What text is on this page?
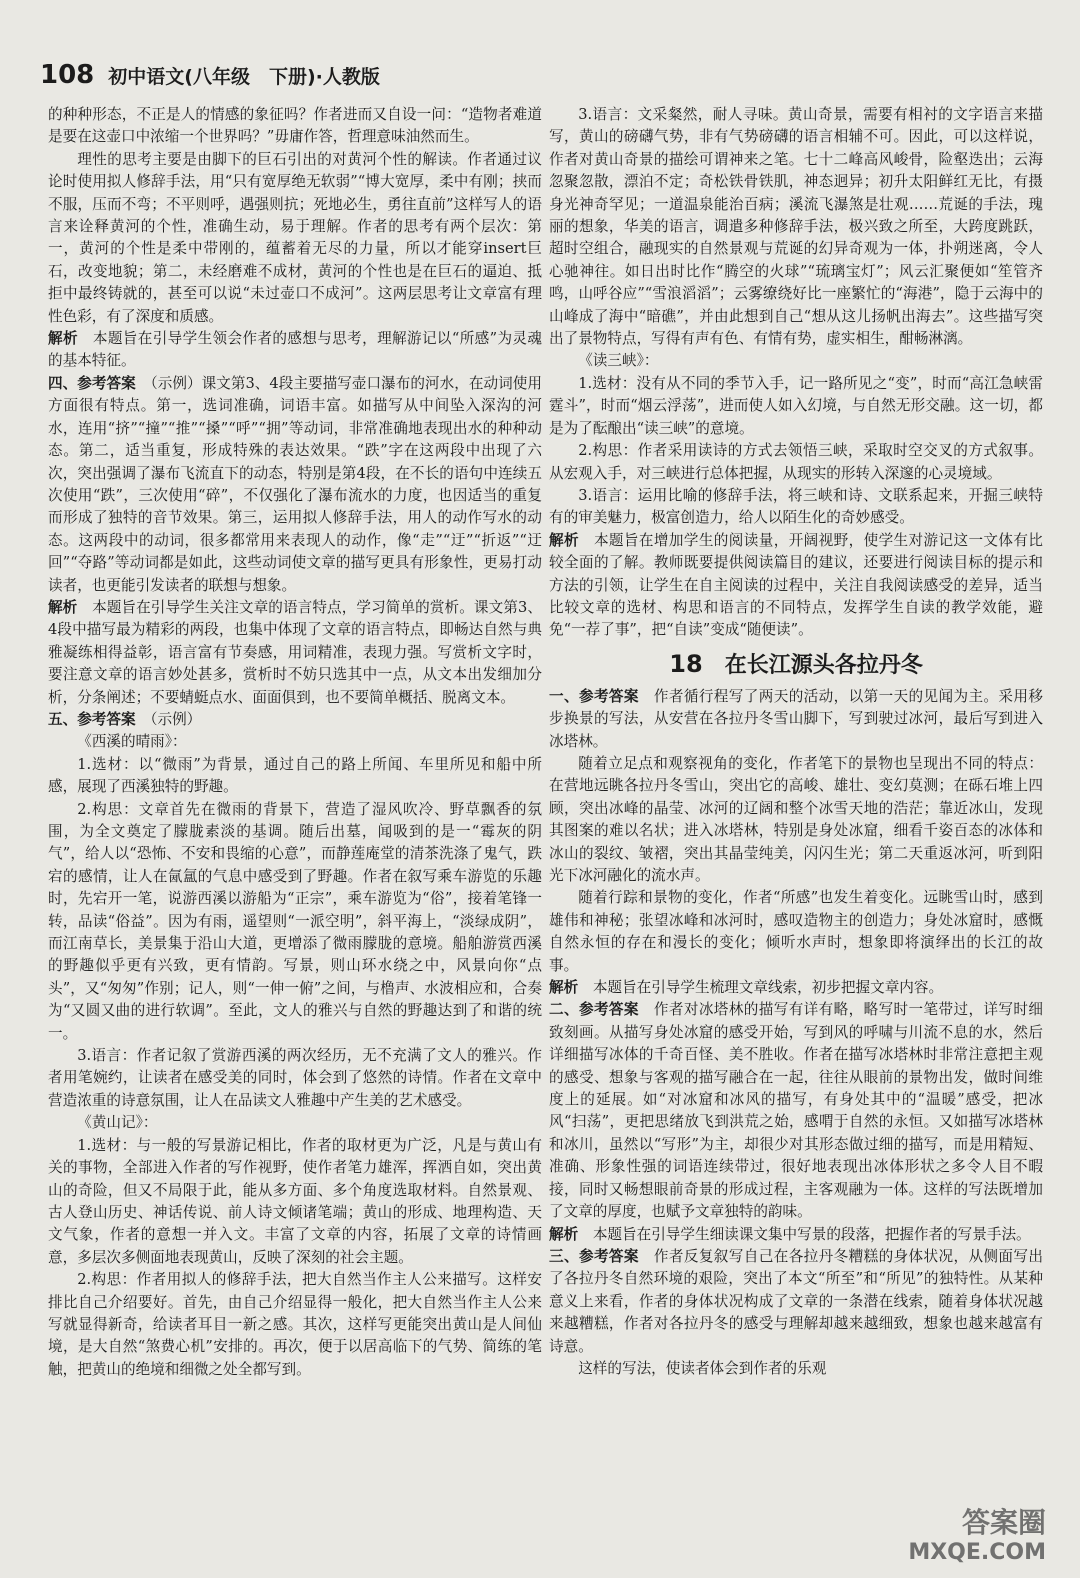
108 初中语文(八年级　下册)·人教版

的种种形态，不正是人的情感的象征吗？作者进而又自设一问：“造物者难道是要在这壶口中浓缩一个世界吗？”毋庸作答，哲理意味油然而生。

理性的思考主要是由脚下的巨石引出的对黄河个性的解读。作者通过议论时使用拟人修辞手法，用“只有宽厚绝无软弱”“博大宽厚，柔中有刚；挟而不服，压而不弯；不平则呼，遇强则抗；死地必生，勇往直前”这样写人的语言来诠释黄河的个性，准确生动，易于理解。作者的思考有两个层次：第一，黄河的个性是柔中带刚的，蕴蓄着无尽的力量，所以才能穿insert巨石，改变地貌；第二，未经磨难不成材，黄河的个性也是在巨石的逼迫、抵拒中最终铸就的，甚至可以说“未过壶口不成河”。这两层思考让文章富有理性色彩，有了深度和质感。

解析　 本题旨在引导学生领会作者的感想与思考，理解游记以“所感”为灵魂的基本特征。

四、参考答案　 （示例）课文第3、4段主要描写壶口瀑布的河水，在动词使用方面很有特点。第一，选词准确，词语丰富。如描写从中间坠入深沟的河水，连用“挤”“撞”“推”“搡”“呼”“拥”等动词，非常准确地表现出水的种种动态。第二，适当重复，形成特殊的表达效果。“跌”字在这两段中出现了六次，突出强调了瀑布飞流直下的动态，特别是第4段，在不长的语句中连续五次使用“跌”，三次使用“碎”，不仅强化了瀑布流水的力度，也因适当的重复而形成了独特的音节效果。第三，运用拟人修辞手法，用人的动作写水的动态。这两段中的动词，很多都常用来表现人的动作，像“走”“迂”“折返”“迂回”“夺路”等动词都是如此，这些动词使文章的描写更具有形象性，更易打动读者，也更能引发读者的联想与想象。

解析　 本题旨在引导学生关注文章的语言特点，学习简单的赏析。课文第3、4段中描写最为精彩的两段，也集中体现了文章的语言特点，即畅达自然与典雅凝练相得益彰，语言富有节奏感，用词精准，表现力强。写赏析文字时，要注意文章的语言妙处甚多，赏析时不妨只选其中一点，从文本出发细加分析，分条阐述；不要蜻蜓点水、面面俱到，也不要简单概括、脱离文本。

五、参考答案　 （示例）

《西溪的晴雨》：

1.选材：以“微雨”为背景，通过自己的路上所闻、车里所见和船中所感，展现了西溪独特的野趣。

2.构思：文章首先在微雨的背景下，营造了湿风吹冷、野草飘香的氛围，为全文奠定了朦胧素淡的基调。随后出墓，闻吸到的是一“霉灰的阴气”，给人以“恐怖、不安和畏缩的心意”，而静莲庵堂的清茶洗涤了鬼气，跌宕的感情，让人在氤氲的气息中感受到了野趣。作者在叙写乘车游览的乐趣时，先宕开一笔，说游西溪以游船为“正宗”，乘车游览为“俗”，接着笔锋一转，品读“俗益”。因为有雨，遥望则“一派空明”，斜平海上，“淡绿成阴”，而江南草长，美景集于沿山大道，更增添了微雨朦胧的意境。船舶游赏西溪的野趣似乎更有兴致，更有情韵。写景，则山环水绕之中，风景向你“点头”，又“匆匆”作别；记人，则“一伸一俯”之间，与橹声、水波相应和，合奏为“又圆又曲的进行软调”。至此，文人的雅兴与自然的野趣达到了和谐的统一。

3.语言：作者记叙了赏游西溪的两次经历，无不充满了文人的雅兴。作者用笔婉约，让读者在感受美的同时，体会到了悠然的诗情。作者在文章中营造浓重的诗意氛围，让人在品读文人雅趣中产生美的艺术感受。

《黄山记》：

1.选材：与一般的写景游记相比，作者的取材更为广泛，凡是与黄山有关的事物，全部进入作者的写作视野，使作者笔力雄浑，挥洒自如，突出黄山的奇险，但又不局限于此，能从多方面、多个角度选取材料。自然景观、古人登山历史、神话传说、前人诗文倾诸笔端；黄山的形成、地理构造、天文气象，作者的意想一并入文。丰富了文章的内容，拓展了文章的诗情画意，多层次多侧面地表现黄山，反映了深刻的社会主题。

2.构思：作者用拟人的修辞手法，把大自然当作主人公来描写。这样安排比自己介绍要好。首先，由自己介绍显得一般化，把大自然当作主人公来写就显得新奇，给读者耳目一新之感。其次，这样写更能突出黄山是人间仙境，是大自然“煞费心机”安排的。再次，便于以居高临下的气势、简练的笔触，把黄山的绝境和细微之处全都写到。

3.语言：文采粲然，耐人寻味。黄山奇景，需要有相衬的文字语言来描写，黄山的磅礴气势，非有气势磅礴的语言相辅不可。因此，可以这样说，作者对黄山奇景的描绘可谓神来之笔。七十二峰高风峻骨，险壑迭出；云海忽聚忽散，漂泊不定；奇松铁骨铁肌，神态迥异；初升太阳鲜红无比，有摄身光神奇罕见；一道温泉能治百病；溪流飞瀑煞是壮观……荒诞的手法，瑰丽的想象，华美的语言，调遣多种修辞手法，极兴致之所至，大跨度跳跃，超时空组合，融现实的自然景观与荒诞的幻异奇观为一体，扑朔迷离，令人心驰神往。如日出时比作“腾空的火球”“琉璃宝灯”；风云汇聚便如“笙管齐鸣，山呼谷应”“雪浪滔滔”；云雾缭绕好比一座繁忙的“海港”，隐于云海中的山峰成了海中“暗礁”，并由此想到自己“想从这儿扬帆出海去”。这些描写突出了景物特点，写得有声有色、有情有势，虚实相生，酣畅淋漓。

《读三峡》：

1.选材：没有从不同的季节入手，记一路所见之“变”，时而“高江急峡雷霆斗”，时而“烟云浮荡”，进而使人如入幻境，与自然无形交融。这一切，都是为了酝酿出“读三峡”的意境。

2.构思：作者采用读诗的方式去领悟三峡，采取时空交叉的方式叙事。从宏观入手，对三峡进行总体把握，从现实的形转入深邃的心灵境域。

3.语言：运用比喻的修辞手法，将三峡和诗、文联系起来，开掘三峡特有的审美魅力，极富创造力，给人以陌生化的奇妙感受。

解析　 本题旨在增加学生的阅读量，开阔视野，使学生对游记这一文体有比较全面的了解。教师既要提供阅读篇目的建议，还要进行阅读目标的提示和方法的引领，让学生在自主阅读的过程中，关注自我阅读感受的差异，适当比较文章的选材、构思和语言的不同特点，发挥学生自读的教学效能，避免“一荐了事”，把“自读”变成“随便读”。

18 在长江源头各拉丹冬

一、参考答案　 作者循行程写了两天的活动，以第一天的见闻为主。采用移步换景的写法，从安营在各拉丹冬雪山脚下，写到驶过冰河，最后写到进入冰塔林。

随着立足点和观察视角的变化，作者笔下的景物也呈现出不同的特点：在营地远眺各拉丹冬雪山，突出它的高峻、雄壮、变幻莫测；在砾石堆上四顾，突出冰峰的晶莹、冰河的辽阔和整个冰雪天地的浩茫；靠近冰山，发现其图案的难以名状；进入冰塔林，特别是身处冰窟，细看千姿百态的冰体和冰山的裂纹、皱褶，突出其晶莹纯美，闪闪生光；第二天重返冰河，听到阳光下冰河融化的流水声。

随着行踪和景物的变化，作者“所感”也发生着变化。远眺雪山时，感到雄伟和神秘；张望冰峰和冰河时，感叹造物主的创造力；身处冰窟时，感慨自然永恒的存在和漫长的变化；倾听水声时，想象即将演绎出的长江的故事。

解析　 本题旨在引导学生梳理文章线索，初步把握文章内容。

二、参考答案　 作者对冰塔林的描写有详有略，略写时一笔带过，详写时细致刻画。从描写身处冰窟的感受开始，写到风的呼啸与川流不息的水，然后详细描写冰体的千奇百怪、美不胜收。作者在描写冰塔林时非常注意把主观的感受、想象与客观的描写融合在一起，往往从眼前的景物出发，做时间维度上的延展。如“对冰窟和冰风的描写，有身处其中的“温暖”感受，把冰风“扫荡”，更把思绪放飞到洪荒之始，感喟于自然的永恒。又如描写冰塔林和冰川，虽然以“写形”为主，却很少对其形态做过细的描写，而是用精短、准确、形象性强的词语连续带过，很好地表现出冰体形状之多令人目不暇接，同时又畅想眼前奇景的形成过程，主客观融为一体。这样的写法既增加了文章的厚度，也赋予文章独特的韵味。

解析　 本题旨在引导学生细读课文集中写景的段落，把握作者的写景手法。

三、参考答案　 作者反复叙写自己在各拉丹冬糟糕的身体状况，从侧面写出了各拉丹冬自然环境的艰险，突出了本文“所至”和“所见”的独特性。从某种意义上来看，作者的身体状况构成了文章的一条潜在线索，随着身体状况越来越糟糕，作者对各拉丹冬的感受与理解却越来越细致，想象也越来越富有诗意。

这样的写法，使读者体会到作者的乐观

答案圈
MXQE.COM
